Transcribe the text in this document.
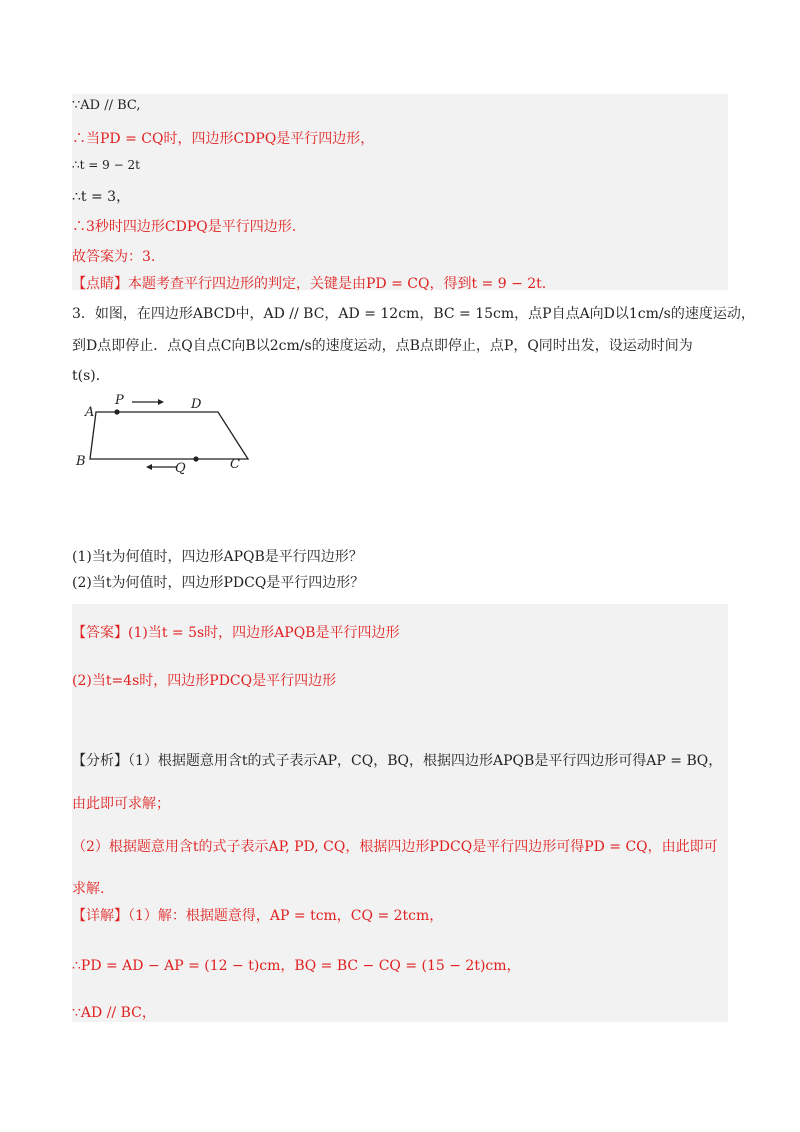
∵AD // BC,
∴当PD = CQ时，四边形CDPQ是平行四边形，
∴t = 9 − 2t
∴t = 3，
∴3秒时四边形CDPQ是平行四边形.
故答案为：3.
【点睛】本题考查平行四边形的判定，关键是由PD = CQ，得到t = 9 − 2t.
3．如图，在四边形ABCD中，AD // BC，AD = 12cm，BC = 15cm，点P自点A向D以1cm/s的速度运动，
到D点即停止．点Q自点C向B以2cm/s的速度运动，点B点即停止，点P，Q同时出发，设运动时间为
t(s)．
A
P	D
B	Q	C
(1)当t为何值时，四边形APQB是平行四边形？
(2)当t为何值时，四边形PDCQ是平行四边形？
【答案】(1)当t = 5s时，四边形APQB是平行四边形
(2)当t=4s时，四边形PDCQ是平行四边形
【分析】（1）根据题意用含t的式子表示AP，CQ，BQ，根据四边形APQB是平行四边形可得AP = BQ，
由此即可求解；
（2）根据题意用含t的式子表示AP, PD, CQ，根据四边形PDCQ是平行四边形可得PD = CQ，由此即可
求解.
【详解】（1）解：根据题意得，AP = tcm，CQ = 2tcm，
∴PD = AD − AP = (12 − t)cm，BQ = BC − CQ = (15 − 2t)cm，
∵AD // BC，
